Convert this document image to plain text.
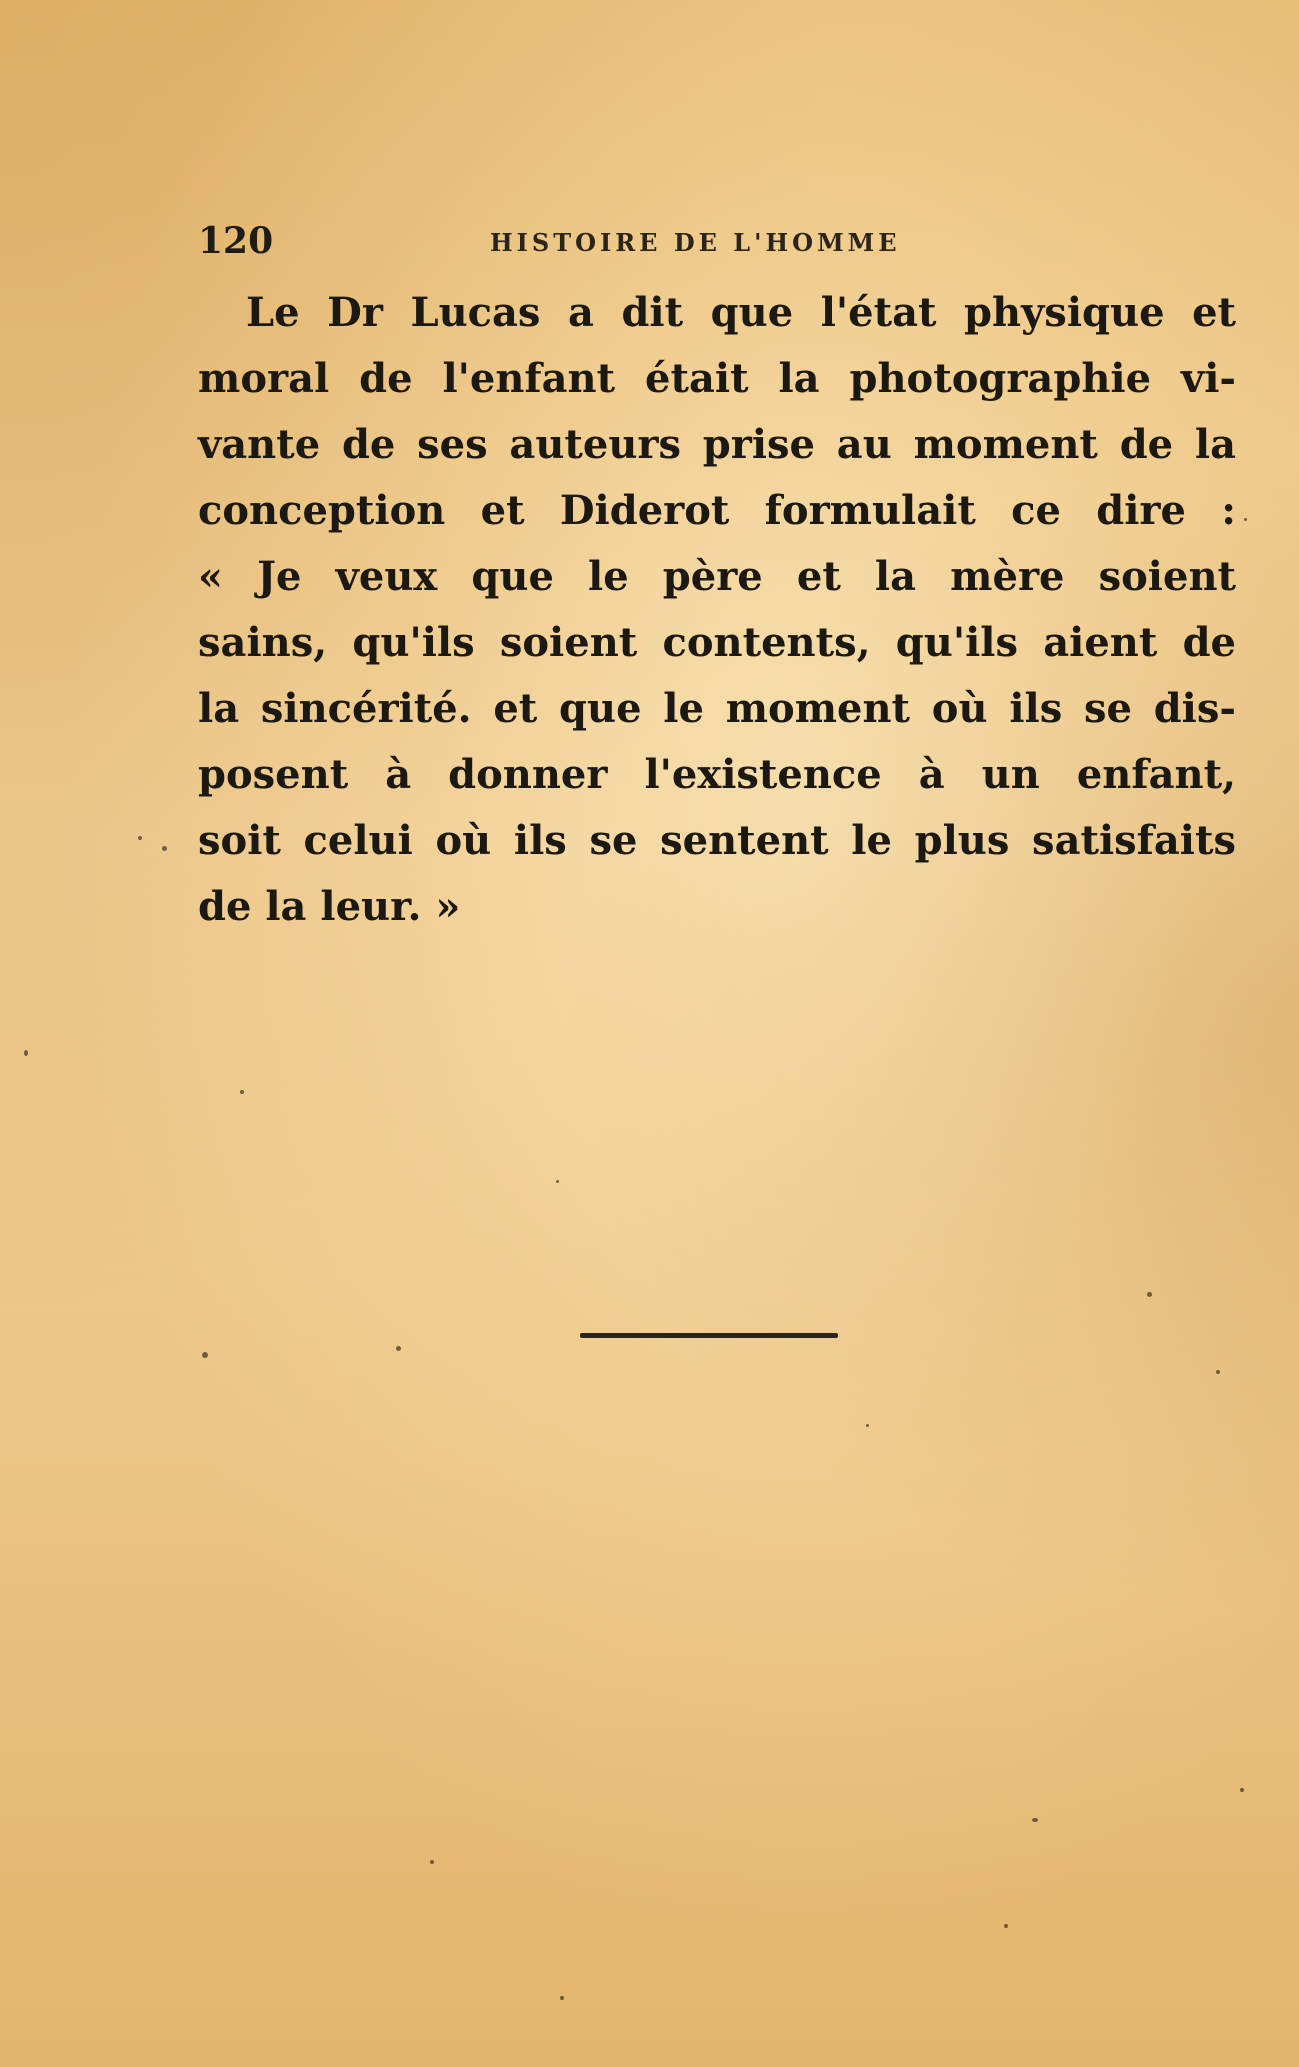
120	HISTOIRE DE L'HOMME
Le Dr Lucas a dit que l'état physique et
moral de l'enfant était la photographie vi-
vante de ses auteurs prise au moment de la
conception et Diderot formulait ce dire :
« Je veux que le père et la mère soient
sains, qu'ils soient contents, qu'ils aient de
la sincérité. et que le moment où ils se dis-
posent à donner l'existence à un enfant,
soit celui où ils se sentent le plus satisfaits
de la leur. »
